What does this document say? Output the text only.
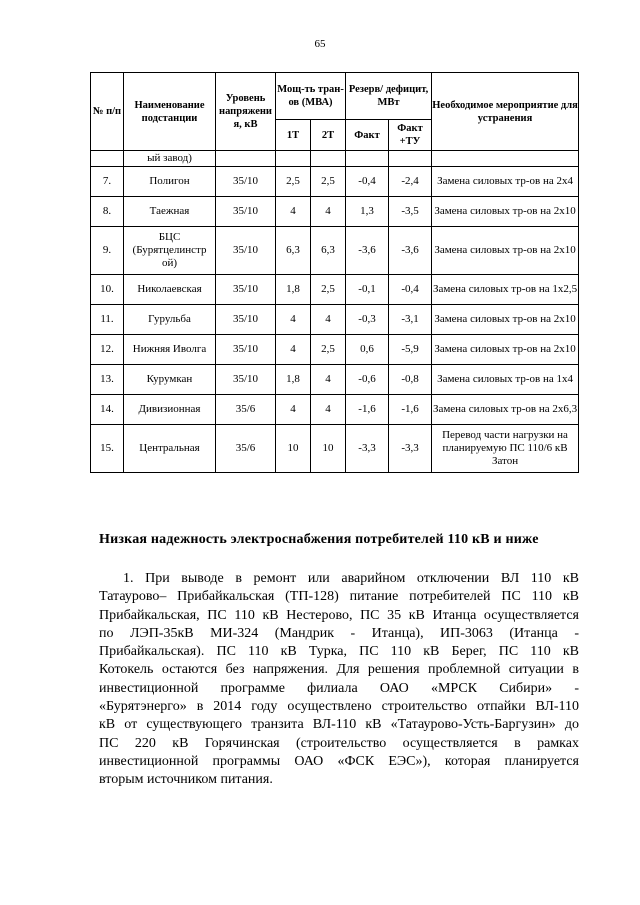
65
№ п/п	Наименование подстанции	Уровень напряжени я, кВ	Мощ-ть тран-ов (МВА)		Резерв/ дефицит, МВт		Необходимое мероприятие для устранения
			1Т	2Т	Факт	Факт +ТУ	
	ый завод)						
7.	Полигон	35/10	2,5	2,5	-0,4	-2,4	Замена силовых тр-ов на 2х4
8.	Таежная	35/10	4	4	1,3	-3,5	Замена силовых тр-ов на 2х10
9.	БЦС (Бурятцелинстр ой)	35/10	6,3	6,3	-3,6	-3,6	Замена силовых тр-ов на 2х10
10.	Николаевская	35/10	1,8	2,5	-0,1	-0,4	Замена силовых тр-ов на 1х2,5
11.	Гурульба	35/10	4	4	-0,3	-3,1	Замена силовых тр-ов на 2х10
12.	Нижняя Иволга	35/10	4	2,5	0,6	-5,9	Замена силовых тр-ов на 2х10
13.	Курумкан	35/10	1,8	4	-0,6	-0,8	Замена силовых тр-ов на 1х4
14.	Дивизионная	35/6	4	4	-1,6	-1,6	Замена силовых тр-ов на 2х6,3
15.	Центральная	35/6	10	10	-3,3	-3,3	Перевод части нагрузки на планируемую ПС 110/6 кВ Затон
Низкая надежность электроснабжения потребителей 110 кВ и ниже
1. При выводе в ремонт или аварийном отключении ВЛ 110 кВ
Татаурово– Прибайкальская (ТП-128) питание потребителей ПС 110 кВ
Прибайкальская, ПС 110 кВ Нестерово, ПС 35 кВ Итанца осуществляется
по ЛЭП-35кВ МИ-324 (Мандрик - Итанца), ИП-3063 (Итанца -
Прибайкальская). ПС 110 кВ Турка, ПС 110 кВ Берег, ПС 110 кВ
Котокель остаются без напряжения. Для решения проблемной ситуации в
инвестиционной программе филиала ОАО «МРСК Сибири» -
«Бурятэнерго» в 2014 году осуществлено строительство отпайки ВЛ-110
кВ от существующего транзита ВЛ-110 кВ «Татаурово-Усть-Баргузин» до
ПС 220 кВ Горячинская (строительство осуществляется в рамках
инвестиционной программы ОАО «ФСК ЕЭС»), которая планируется
вторым источником питания.
